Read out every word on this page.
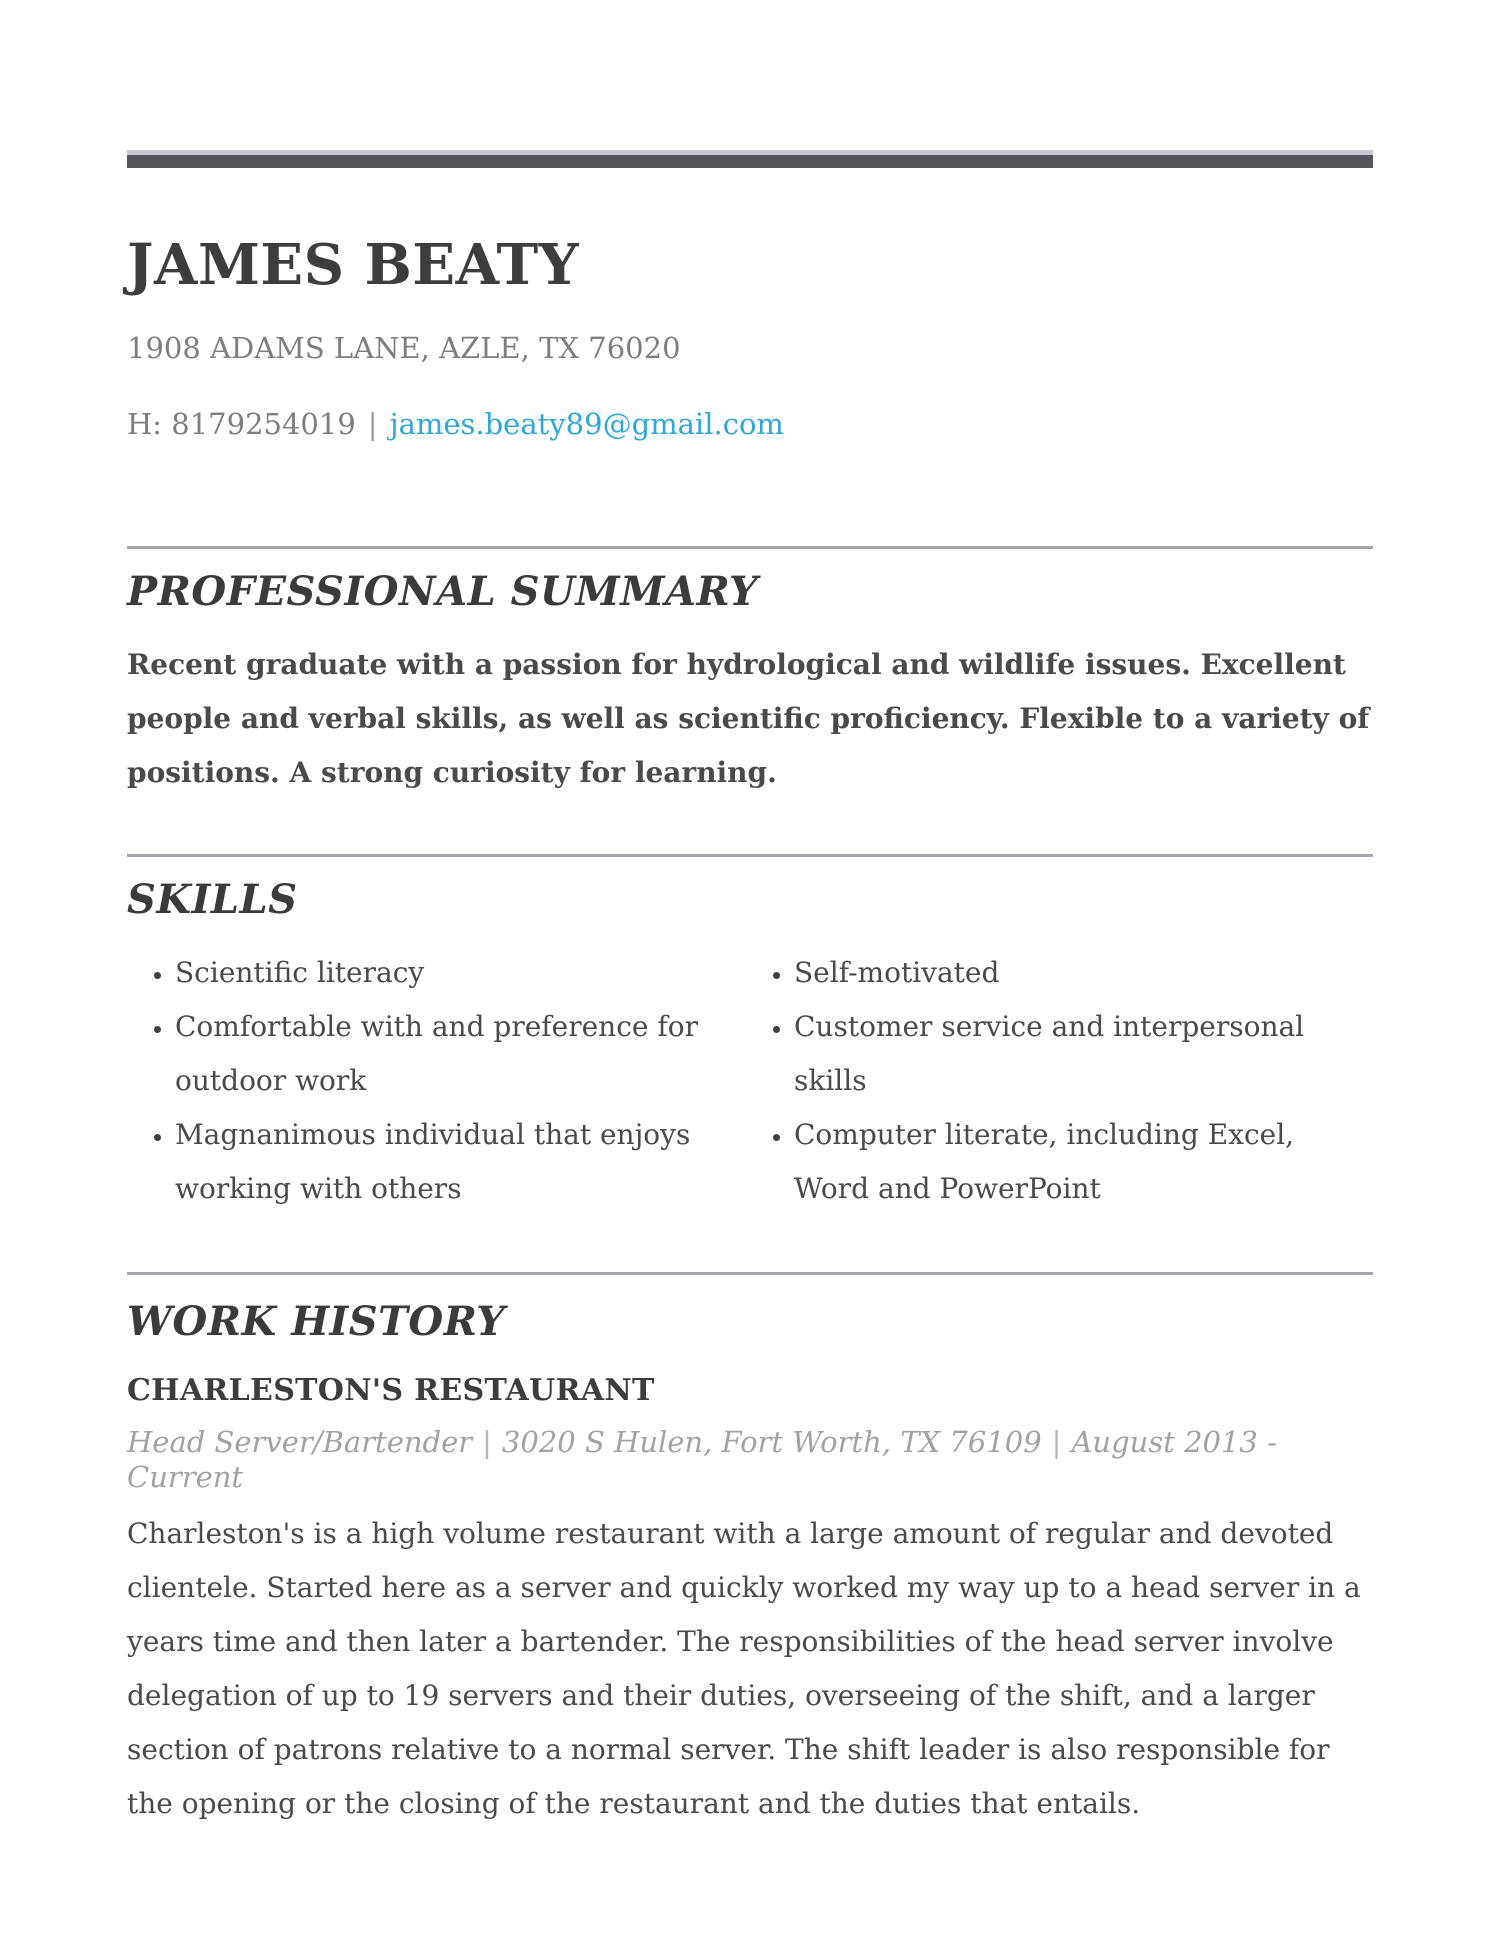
JAMES BEATY
1908 ADAMS LANE, AZLE, TX 76020
H: 8179254019 | james.beaty89@gmail.com
PROFESSIONAL SUMMARY

Recent graduate with a passion for hydrological and wildlife issues. Excellent people and verbal skills, as well as scientific proficiency. Flexible to a variety of positions. A strong curiosity for learning.

SKILLS
• Scientific literacy
• Comfortable with and preference for outdoor work
• Magnanimous individual that enjoys working with others
• Self-motivated
• Customer service and interpersonal skills
• Computer literate, including Excel, Word and PowerPoint
WORK HISTORY
CHARLESTON'S RESTAURANT
Head Server/Bartender | 3020 S Hulen, Fort Worth, TX 76109 | August 2013 - Current

Charleston's is a high volume restaurant with a large amount of regular and devoted clientele. Started here as a server and quickly worked my way up to a head server in a years time and then later a bartender. The responsibilities of the head server involve delegation of up to 19 servers and their duties, overseeing of the shift, and a larger section of patrons relative to a normal server. The shift leader is also responsible for the opening or the closing of the restaurant and the duties that entails.
